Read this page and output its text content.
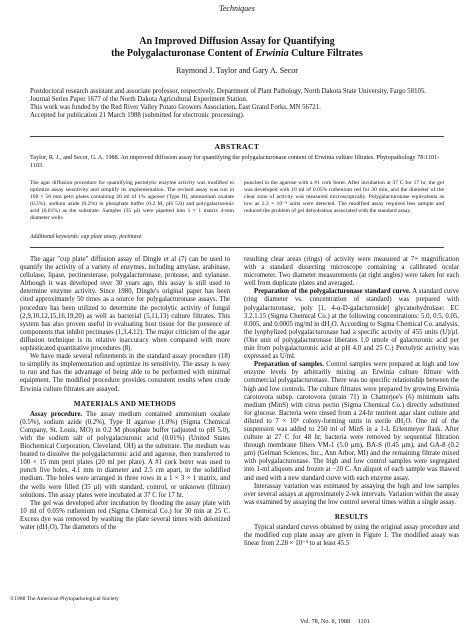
Techniques
An Improved Diffusion Assay for Quantifying
the Polygalacturonase Content of Erwinia Culture Filtrates
Raymond J. Taylor and Gary A. Secor
Postdoctoral research assistant and associate professor, respectively, Department of Plant Pathology, North Dakota State University, Fargo 58105.
Journal Series Paper 1677 of the North Dakota Agricultural Experiment Station.
This work was funded by the Red River Valley Potato Growers Association, East Grand Forks, MN 56721.
Accepted for publication 21 March 1988 (submitted for electronic processing).
ABSTRACT
Taylor, R. J., and Secor, G. A. 1988. An improved diffusion assay for quantifying the polygalacturonase content of Erwinia culture filtrates. Phytopathology 78:1101-1103.
The agar diffusion procedure for quantifying pectolytic enzyme activity was modified to optimize assay sensitivity and simplify its implementation. The revised assay was run in 100 × 50 mm petri plates containing 20 ml of 1% agarose (Type II), ammonium oxalate (0.5%), sodium azide (0.2%) in phosphate buffer (0.2 M, pH 5.0) and polygalacturonic acid (0.01%) as the substrate. Samples (35 µl) were pipetted into 1 × 1 matrix 4-mm diameter wells
punched in the agarose with a #1 cork borer. After incubation at 37 C for 17 hr, the gel was developed with 10 ml of 0.05% ruthenium red for 30 min, and the diameter of the clear zone of activity was measured microscopically. Polygalacturonase equivalents as low as 2.3 × 10⁻⁴ units were detected. The modified assay required less sample and reduced the problem of gel dehydration associated with the standard assay.
Additional keywords: cup plate assay, pectinase.
The agar "cup plate" diffusion assay of Dingle et al (7) can be used to quantify the activity of a variety of enzymes, including amylase, arabinase, cellulase, lipase, pectinesterase, polygalacturonase, protease, and xylanase. Although it was developed over 30 years ago, this assay is still used to determine enzyme activity. Since 1980, Dingle's original paper has been cited approximately 50 times as a source for polygalacturonase assays. The procedure has been utilized to determine the pectolytic activity of fungal (2,9,10,12,15,16,19,20) as well as bacterial (5,11,13) culture filtrates. This system has also proven useful in evaluating host tissue for the presence of components that inhibit pectinases (1,3,4,12). The major criticism of the agar diffusion technique is its relative inaccuracy when compared with more sophisticated quantitative procedures (8).
We have made several refinements in the standard assay procedure (18) to simplify its implementation and optimize its sensitivity. The assay is easy to run and has the advantage of being able to be performed with minimal equipment. The modified procedure provides consistent results when crude Erwinia culture filtrates are assayed.
MATERIALS AND METHODS
Assay procedure. The assay medium contained ammonium oxalate (0.5%), sodium azide (0.2%), Type II agarose (1.0%) (Sigma Chemical Company, St. Louis, MO) in 0.2 M phosphate buffer (adjusted to pH 5.0), with the sodium salt of polygalacturonic acid (0.01%) (United States Biochemical Corporation, Cleveland, OH) as the substrate. The medium was heated to dissolve the polygalacturonic acid and agarose, then transferred to 100 × 15 mm petri plates (20 ml per plate). A #1 cork borer was used to punch five holes, 4.1 mm in diameter and 2.5 cm apart, in the solidified medium. The holes were arranged in three rows in a 1 × 3 × 1 matrix, and the wells were filled (35 µl) with standard, control, or unknown (filtrate) solutions. The assay plates were incubated at 37 C for 17 hr.
The gel was developed after incubation by flooding the assay plate with 10 ml of 0.05% ruthenium red (Sigma Chemical Co.) for 30 min at 25 C. Excess dye was removed by washing the plate several times with deionized water (dH₂O). The diameters of the
resulting clear areas (rings) of activity were measured at 7× magnification with a standard dissecting microscope containing a calibrated ocular micrometer. Two diameter measurements (at right angles) were taken for each well from duplicate plates and averaged.
Preparation of the polygalacturonase standard curve. A standard curve (ring diameter vs. concentration of standard) was prepared with polygalacturonase, poly [1, 4-α-D-galacturonide] glycanohydrolase: EC 3.2.1.15 (Sigma Chemical Co.) at the following concentrations: 5.0, 0.5, 0.05, 0.005, and 0.0005 mg/ml in dH₂O. According to Sigma Chemical Co. analysis, the lyophylized polygalacturonase had a specific activity of 455 units (U)/µl. (One unit of polygalacturonase liberates 1.0 umole of galacturonic acid per min from polygalacturonic acid at pH 4.0 and 25 C.) Pectolytic activity was expressed as U/ml.
Preparation of samples. Control samples were prepared at high and low enzyme levels by arbitrarily mixing an Erwinia culture filtrate with commercial polygalacturonase. There was no specific relationship between the high and low controls. The culture filtrates were prepared by growing Erwinia carotovora subsp. carotovora (strain 71) in Chatterjee's (6) minimum salts medium (MinS) with citrus pectin (Sigma Chemical Co.) directly substituted for glucose. Bacteria were rinsed from a 24-hr nutrient agar slant culture and diluted to 7 × 10⁶ colony-forming units in sterile dH₂O. One ml of the suspension was added to 250 ml of MinS in a 1-L Erlenmeyer flask. After culture at 27 C for 48 hr, bacteria were removed by sequential filtration through membrane filters VM-1 (5.0 µm), BA-S (0.45 µm), and GA-8 (0.2 µm) (Gelman Sciences, Inc., Ann Arbor, MI) and the remaining filtrate mixed with polygalacturonase. The high and low control samples were segregated into 1-ml aliquots and frozen at −20 C. An aliquot of each sample was thawed and used with a new standard curve with each enzyme assay.
Interassay variation was estimated by assaying the high and low samples over several assays at approximately 2-wk intervals. Variation within the assay was examined by assaying the low control several times within a single assay.
RESULTS
Typical standard curves obtained by using the original assay procedure and the modified cup plate assay are given in Figure 1. The modified assay was linear from 2.28 × 10⁻⁴ to at least 45.5
©1988 The American Phytopathological Society
Vol. 78, No. 8, 1988 1101
